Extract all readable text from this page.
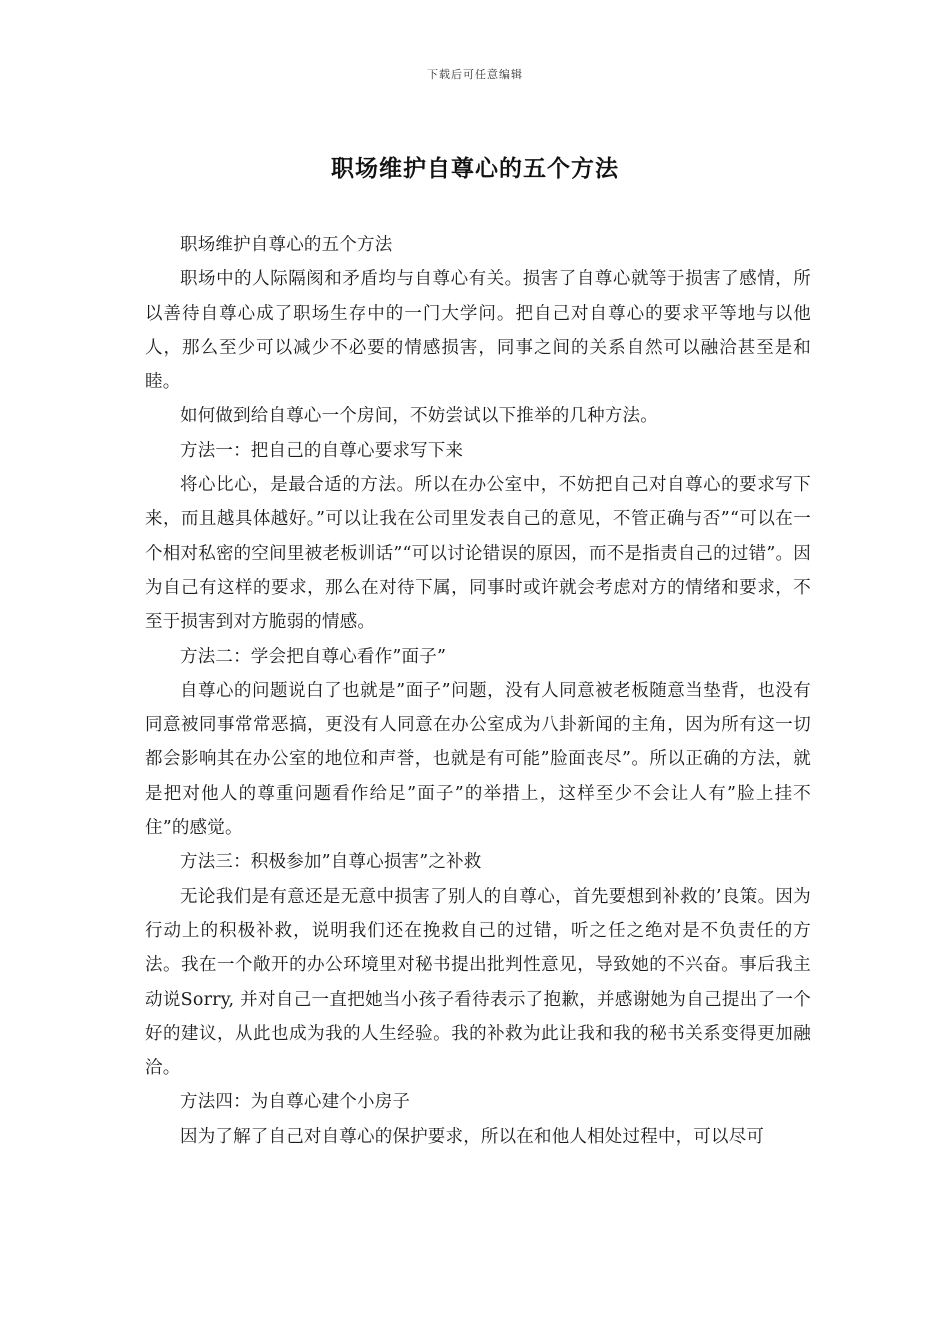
下载后可任意编辑
职场维护自尊心的五个方法

职场维护自尊心的五个方法

职场中的人际隔阂和矛盾均与自尊心有关。损害了自尊心就等于损害了感情，所以善待自尊心成了职场生存中的一门大学问。把自己对自尊心的要求平等地与以他人，那么至少可以减少不必要的情感损害，同事之间的关系自然可以融洽甚至是和睦。

如何做到给自尊心一个房间，不妨尝试以下推举的几种方法。

方法一：把自己的自尊心要求写下来

将心比心，是最合适的方法。所以在办公室中，不妨把自己对自尊心的要求写下来，而且越具体越好。”可以让我在公司里发表自己的意见，不管正确与否”“可以在一个相对私密的空间里被老板训话”“可以讨论错误的原因，而不是指责自己的过错”。因为自己有这样的要求，那么在对待下属，同事时或许就会考虑对方的情绪和要求，不至于损害到对方脆弱的情感。

方法二：学会把自尊心看作”面子”

自尊心的问题说白了也就是”面子”问题，没有人同意被老板随意当垫背，也没有同意被同事常常恶搞，更没有人同意在办公室成为八卦新闻的主角，因为所有这一切都会影响其在办公室的地位和声誉，也就是有可能”脸面丧尽”。所以正确的方法，就是把对他人的尊重问题看作给足”面子”的举措上，这样至少不会让人有”脸上挂不住”的感觉。

方法三：积极参加”自尊心损害”之补救

无论我们是有意还是无意中损害了别人的自尊心，首先要想到补救的’良策。因为行动上的积极补救，说明我们还在挽救自己的过错，听之任之绝对是不负责任的方法。我在一个敞开的办公环境里对秘书提出批判性意见，导致她的不兴奋。事后我主动说Sorry, 并对自己一直把她当小孩子看待表示了抱歉，并感谢她为自己提出了一个好的建议，从此也成为我的人生经验。我的补救为此让我和我的秘书关系变得更加融洽。

方法四：为自尊心建个小房子

因为了解了自己对自尊心的保护要求，所以在和他人相处过程中，可以尽可
